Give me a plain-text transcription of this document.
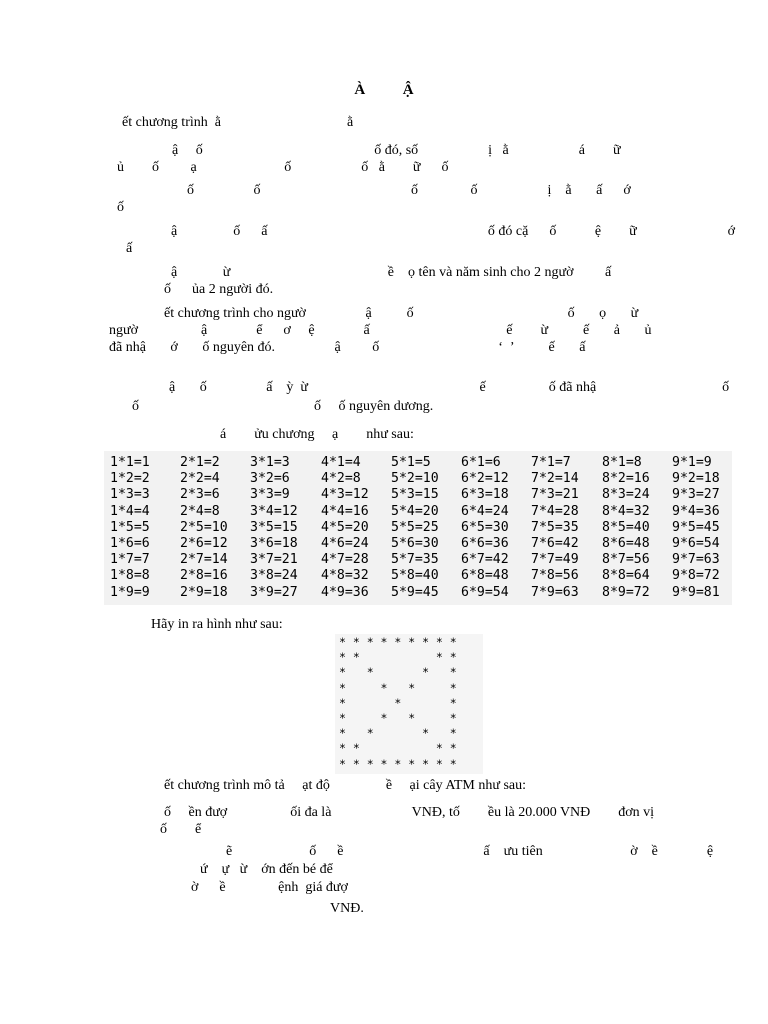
À          Ậ
ết chương trình  ằ                                    ằ
ậ     ố                                                 ố đó, số                    ị   ằ                    á        ữ
ủ        ố         ạ                         ố                    ố   ằ        ữ      ố
ố                 ố                                           ố               ố                    ị    ằ       ấ      ớ
ố
ậ                ố      ấ                                                               ố đó cặ      ố           ệ        ữ                          ớ
ấ
ậ             ừ                                             ề    ọ tên và năm sinh cho 2 ngườ         ấ
ố      ủa 2 người đó.
ết chương trình cho ngườ                 ậ          ố                                            ố       ọ       ừ
ngườ                  ậ              ể      ơ     ệ              ấ                                       ế        ừ          ế       ả       ủ
đã nhậ       ớ       ố nguyên đó.                 ậ         ố                                  ‘  ’          ế       ấ
ậ       ố                 ấ    ỳ  ừ                                                 ế                  ố đã nhậ                                    ố
ố                                                  ố     ố nguyên dương.
á        ửu chương     ạ        như sau:
1*1=1
1*2=2
1*3=3
1*4=4
1*5=5
1*6=6
1*7=7
1*8=8
1*9=9
2*1=2
2*2=4
2*3=6
2*4=8
2*5=10
2*6=12
2*7=14
2*8=16
2*9=18
3*1=3
3*2=6
3*3=9
3*4=12
3*5=15
3*6=18
3*7=21
3*8=24
3*9=27
4*1=4
4*2=8
4*3=12
4*4=16
4*5=20
4*6=24
4*7=28
4*8=32
4*9=36
5*1=5
5*2=10
5*3=15
5*4=20
5*5=25
5*6=30
5*7=35
5*8=40
5*9=45
6*1=6
6*2=12
6*3=18
6*4=24
6*5=30
6*6=36
6*7=42
6*8=48
6*9=54
7*1=7
7*2=14
7*3=21
7*4=28
7*5=35
7*6=42
7*7=49
7*8=56
7*9=63
8*1=8
8*2=16
8*3=24
8*4=32
8*5=40
8*6=48
8*7=56
8*8=64
8*9=72
9*1=9
9*2=18
9*3=27
9*4=36
9*5=45
9*6=54
9*7=63
9*8=72
9*9=81
Hãy in ra hình như sau:
* * * * * * * * *
* *           * *
*   *       *   *
*     *   *     *
*       *       *
*     *   *     *
*   *       *   *
* *           * *
* * * * * * * * *
ết chương trình mô tả     ạt độ                ề     ại cây ATM như sau:
ố     ền đượ                  ối đa là                       VNĐ, tố        ều là 20.000 VNĐ        đơn vị
ố        ể
ẽ                      ố      ề                                        ấ    ưu tiên                         ờ    ề              ệ
ứ    ự   ừ    ớn đến bé để
ờ      ề               ệnh  giá đượ
VNĐ.
